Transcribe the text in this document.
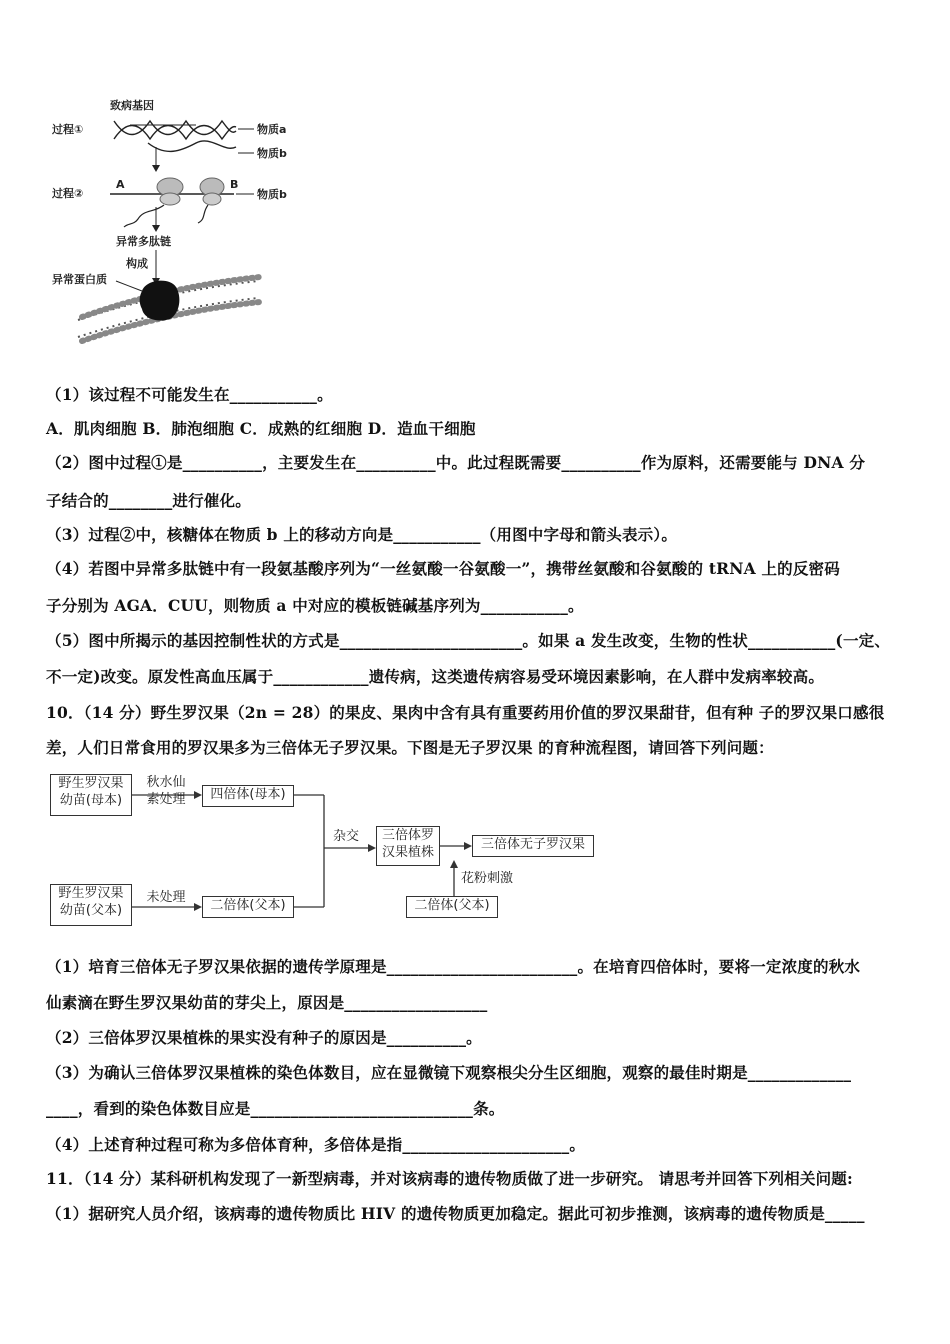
致病基因
过程①	物质a
物质b
过程②
A	B
物质b
异常多肽链
构成
异常蛋白质
（1）该过程不可能发生在___________。
A．肌肉细胞 B．肺泡细胞 C．成熟的红细胞 D．造血干细胞
（2）图中过程①是__________，主要发生在__________中。此过程既需要__________作为原料，还需要能与 DNA 分
子结合的________进行催化。
（3）过程②中，核糖体在物质 b 上的移动方向是___________（用图中字母和箭头表示）。
（4）若图中异常多肽链中有一段氨基酸序列为“一丝氨酸一谷氨酸一”，携带丝氨酸和谷氨酸的 tRNA 上的反密码
子分别为 AGA．CUU，则物质 a 中对应的模板链碱基序列为___________。
（5）图中所揭示的基因控制性状的方式是_______________________。如果 a 发生改变，生物的性状___________(一定、
不一定)改变。原发性高血压属于____________遗传病，这类遗传病容易受环境因素影响，在人群中发病率较高。
10．（14 分）野生罗汉果（2n = 28）的果皮、果肉中含有具有重要药用价值的罗汉果甜苷，但有种 子的罗汉果口感很
差，人们日常食用的罗汉果多为三倍体无子罗汉果。下图是无子罗汉果 的育种流程图，请回答下列问题：
野生罗汉果
幼苗(母本)
秋水仙
素处理	四倍体(母本)
杂交	三倍体罗
汉果植株
三倍体无子罗汉果
花粉刺激
野生罗汉果
幼苗(父本)
未处理
二倍体(父本)	二倍体(父本)
（1）培育三倍体无子罗汉果依据的遗传学原理是________________________。在培育四倍体时，要将一定浓度的秋水
仙素滴在野生罗汉果幼苗的芽尖上，原因是__________________
（2）三倍体罗汉果植株的果实没有种子的原因是__________。
（3）为确认三倍体罗汉果植株的染色体数目，应在显微镜下观察根尖分生区细胞，观察的最佳时期是_____________
____，看到的染色体数目应是____________________________条。
（4）上述育种过程可称为多倍体育种，多倍体是指_____________________。
11．（14 分）某科研机构发现了一新型病毒，并对该病毒的遗传物质做了进一步研究。 请思考并回答下列相关问题:
（1）据研究人员介绍，该病毒的遗传物质比 HIV 的遗传物质更加稳定。据此可初步推测，该病毒的遗传物质是_____
